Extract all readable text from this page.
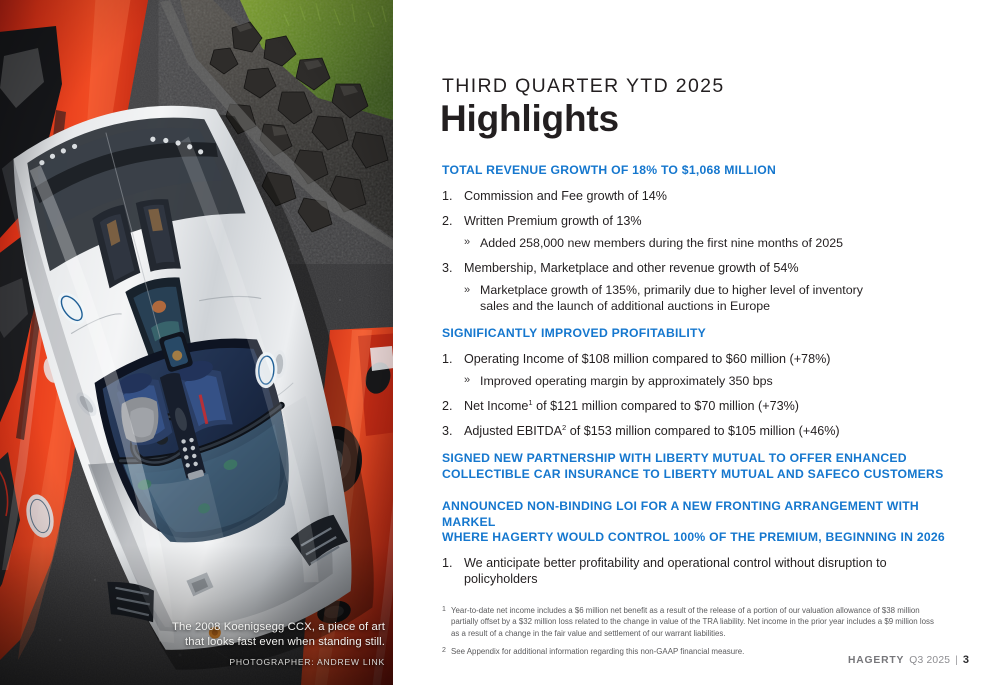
The 2008 Koenigsegg CCX, a piece of art
that looks fast even when standing still.
PHOTOGRAPHER: ANDREW LINK
THIRD QUARTER YTD 2025
Highlights
TOTAL REVENUE GROWTH OF 18% TO $1,068 MILLION
1. Commission and Fee growth of 14%
2. Written Premium growth of 13%
» Added 258,000 new members during the first nine months of 2025
3. Membership, Marketplace and other revenue growth of 54%
» Marketplace growth of 135%, primarily due to higher level of inventory
sales and the launch of additional auctions in Europe
SIGNIFICANTLY IMPROVED PROFITABILITY
1. Operating Income of $108 million compared to $60 million (+78%)
» Improved operating margin by approximately 350 bps
2. Net Income$^1$ of $121 million compared to $70 million (+73%)
3. Adjusted EBITDA$^2$ of $153 million compared to $105 million (+46%)
SIGNED NEW PARTNERSHIP WITH LIBERTY MUTUAL TO OFFER ENHANCED
COLLECTIBLE CAR INSURANCE TO LIBERTY MUTUAL AND SAFECO CUSTOMERS
ANNOUNCED NON-BINDING LOI FOR A NEW FRONTING ARRANGEMENT WITH MARKEL
WHERE HAGERTY WOULD CONTROL 100% OF THE PREMIUM, BEGINNING IN 2026
1. We anticipate better profitability and operational control without disruption to policyholders
1 Year-to-date net income includes a $6 million net benefit as a result of the release of a portion of our valuation allowance of $38 million
partially offset by a $32 million loss related to the change in value of the TRA liability. Net income in the prior year includes a $9 million loss
as a result of a change in the fair value and settlement of our warrant liabilities.
2 See Appendix for additional information regarding this non-GAAP financial measure.
HAGERTY Q3 2025 | 3
